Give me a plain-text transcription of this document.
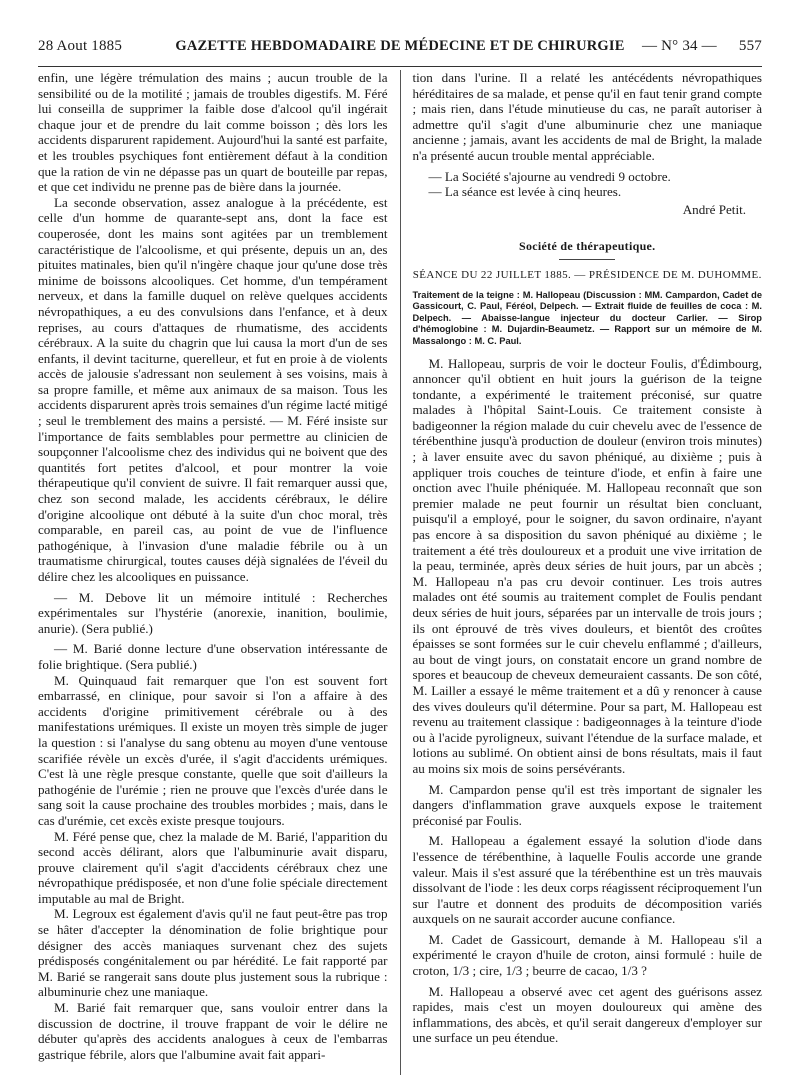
28 Aout 1885	GAZETTE HEBDOMADAIRE DE MÉDECINE ET DE CHIRURGIE	— N° 34 — 557

enfin, une légère trémulation des mains ; aucun trouble de la sensibilité ou de la motilité ; jamais de troubles digestifs. M. Féré lui conseilla de supprimer la faible dose d'alcool qu'il ingérait chaque jour et de prendre du lait comme boisson ; dès lors les accidents disparurent rapidement. Aujourd'hui la santé est parfaite, et les troubles psychiques font entièrement défaut à la condition que la ration de vin ne dépasse pas un quart de bouteille par repas, et que cet individu ne prenne pas de bière dans la journée.

La seconde observation, assez analogue à la précédente, est celle d'un homme de quarante-sept ans, dont la face est couperosée, dont les mains sont agitées par un tremblement caractéristique de l'alcoolisme, et qui présente, depuis un an, des pituites matinales, bien qu'il n'ingère chaque jour qu'une dose très minime de boissons alcooliques. Cet homme, d'un tempérament nerveux, et dans la famille duquel on relève quelques accidents névropathiques, a eu des convulsions dans l'enfance, et à deux reprises, au cours d'attaques de rhumatisme, des accidents cérébraux. A la suite du chagrin que lui causa la mort d'un de ses enfants, il devint taciturne, querelleur, et fut en proie à de violents accès de jalousie s'adressant non seulement à ses voisins, mais à sa propre famille, et même aux animaux de sa maison. Tous les accidents disparurent après trois semaines d'un régime lacté mitigé ; seul le tremblement des mains a persisté. — M. Féré insiste sur l'importance de faits semblables pour permettre au clinicien de soupçonner l'alcoolisme chez des individus qui ne boivent que des quantités fort petites d'alcool, et pour montrer la voie thérapeutique qu'il convient de suivre. Il fait remarquer aussi que, chez son second malade, les accidents cérébraux, le délire d'origine alcoolique ont débuté à la suite d'un choc moral, très comparable, en pareil cas, au point de vue de l'influence pathogénique, à l'invasion d'une maladie fébrile ou à un traumatisme chirurgical, toutes causes déjà signalées de l'éveil du délire chez les alcooliques en puissance.

— M. Debove lit un mémoire intitulé : Recherches expérimentales sur l'hystérie (anorexie, inanition, boulimie, anurie). (Sera publié.)

— M. Barié donne lecture d'une observation intéressante de folie brightique. (Sera publié.)

M. Quinquaud fait remarquer que l'on est souvent fort embarrassé, en clinique, pour savoir si l'on a affaire à des accidents d'origine primitivement cérébrale ou à des manifestations urémiques. Il existe un moyen très simple de juger la question : si l'analyse du sang obtenu au moyen d'une ventouse scarifiée révèle un excès d'urée, il s'agit d'accidents urémiques. C'est là une règle presque constante, quelle que soit d'ailleurs la pathogénie de l'urémie ; rien ne prouve que l'excès d'urée dans le sang soit la cause prochaine des troubles morbides ; mais, dans le cas d'urémie, cet excès existe presque toujours.

M. Féré pense que, chez la malade de M. Barié, l'apparition du second accès délirant, alors que l'albuminurie avait disparu, prouve clairement qu'il s'agit d'accidents cérébraux chez une névropathique prédisposée, et non d'une folie spéciale directement imputable au mal de Bright.

M. Legroux est également d'avis qu'il ne faut peut-être pas trop se hâter d'accepter la dénomination de folie brightique pour désigner des accès maniaques survenant chez des sujets prédisposés congénitalement ou par hérédité. Le fait rapporté par M. Barié se rangerait sans doute plus justement sous la rubrique : albuminurie chez une maniaque.

M. Barié fait remarquer que, sans vouloir entrer dans la discussion de doctrine, il trouve frappant de voir le délire ne débuter qu'après des accidents analogues à ceux de l'embarras gastrique fébrile, alors que l'albumine avait fait appari-

tion dans l'urine. Il a relaté les antécédents névropathiques héréditaires de sa malade, et pense qu'il en faut tenir grand compte ; mais rien, dans l'étude minutieuse du cas, ne paraît autoriser à admettre qu'il s'agit d'une albuminurie chez une maniaque ancienne ; jamais, avant les accidents de mal de Bright, la malade n'a présenté aucun trouble mental appréciable.

— La Société s'ajourne au vendredi 9 octobre.

— La séance est levée à cinq heures.

André Petit.
Société de thérapeutique.
SÉANCE DU 22 JUILLET 1885. — PRÉSIDENCE DE M. DUHOMME.
Traitement de la teigne : M. Hallopeau (Discussion : MM. Campardon, Cadet de Gassicourt, C. Paul, Féréol, Delpech. — Extrait fluide de feuilles de coca : M. Delpech. — Abaisse-langue injecteur du docteur Carlier. — Sirop d'hémoglobine : M. Dujardin-Beaumetz. — Rapport sur un mémoire de M. Massalongo : M. C. Paul.

M. Hallopeau, surpris de voir le docteur Foulis, d'Édimbourg, annoncer qu'il obtient en huit jours la guérison de la teigne tondante, a expérimenté le traitement préconisé, sur quatre malades à l'hôpital Saint-Louis. Ce traitement consiste à badigeonner la région malade du cuir chevelu avec de l'essence de térébenthine jusqu'à production de douleur (environ trois minutes) ; à laver ensuite avec du savon phéniqué, au dixième ; puis à appliquer trois couches de teinture d'iode, et enfin à faire une onction avec l'huile phéniquée. M. Hallopeau reconnaît que son premier malade ne peut fournir un résultat bien concluant, puisqu'il a employé, pour le soigner, du savon ordinaire, n'ayant pas encore à sa disposition du savon phéniqué au dixième ; le traitement a été très douloureux et a produit une vive irritation de la peau, terminée, après deux séries de huit jours, par un abcès ; M. Hallopeau n'a pas cru devoir continuer. Les trois autres malades ont été soumis au traitement complet de Foulis pendant deux séries de huit jours, séparées par un intervalle de trois jours ; ils ont éprouvé de très vives douleurs, et bientôt des croûtes épaisses se sont formées sur le cuir chevelu enflammé ; d'ailleurs, au bout de vingt jours, on constatait encore un grand nombre de spores et beaucoup de cheveux demeuraient cassants. De son côté, M. Lailler a essayé le même traitement et a dû y renoncer à cause des vives douleurs qu'il détermine. Pour sa part, M. Hallopeau est revenu au traitement classique : badigeonnages à la teinture d'iode ou à l'acide pyroligneux, suivant l'étendue de la surface malade, et lotions au sublimé. On obtient ainsi de bons résultats, mais il faut au moins six mois de soins persévérants.

M. Campardon pense qu'il est très important de signaler les dangers d'inflammation grave auxquels expose le traitement préconisé par Foulis.

M. Hallopeau a également essayé la solution d'iode dans l'essence de térébenthine, à laquelle Foulis accorde une grande valeur. Mais il s'est assuré que la térébenthine est un très mauvais dissolvant de l'iode : les deux corps réagissent réciproquement l'un sur l'autre et donnent des produits de décomposition variés auxquels on ne saurait accorder aucune confiance.

M. Cadet de Gassicourt, demande à M. Hallopeau s'il a expérimenté le crayon d'huile de croton, ainsi formulé : huile de croton, 1/3 ; cire, 1/3 ; beurre de cacao, 1/3 ?

M. Hallopeau a observé avec cet agent des guérisons assez rapides, mais c'est un moyen douloureux qui amène des inflammations, des abcès, et qu'il serait dangereux d'employer sur une surface un peu étendue.
